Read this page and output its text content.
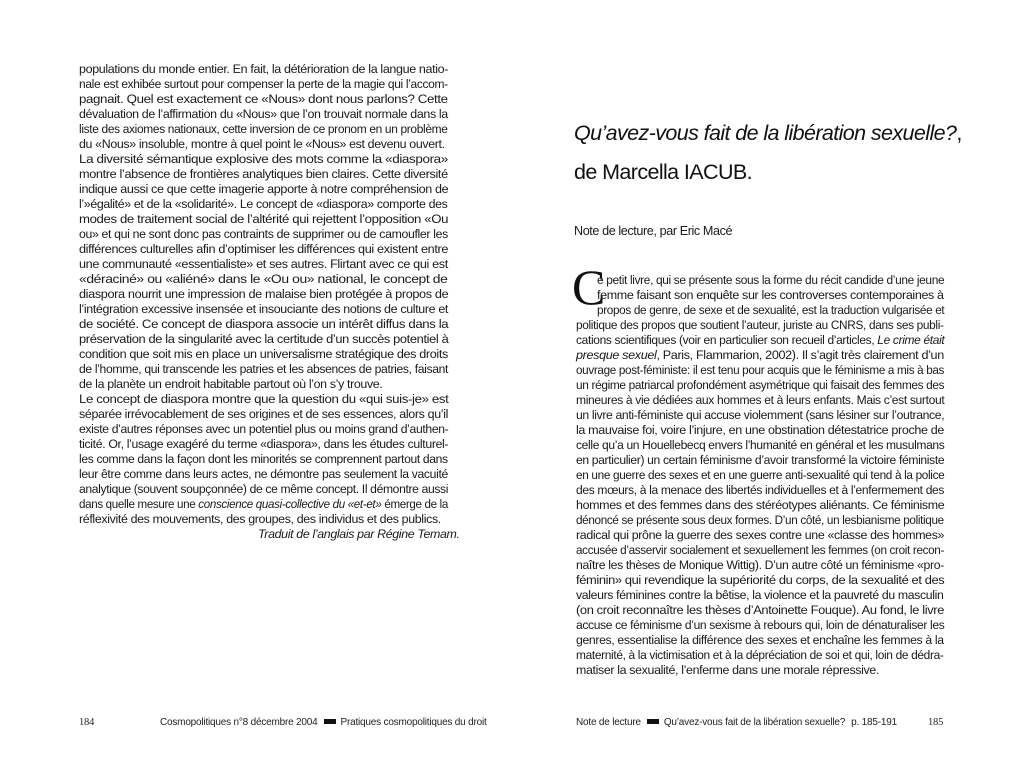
populations du monde entier. En fait, la détérioration de la langue natio-
nale est exhibée surtout pour compenser la perte de la magie qui l’accom-
pagnait. Quel est exactement ce «Nous» dont nous parlons? Cette
dévaluation de l’affirmation du «Nous» que l’on trouvait normale dans la
liste des axiomes nationaux, cette inversion de ce pronom en un problème
du «Nous» insoluble, montre à quel point le «Nous» est devenu ouvert.
La diversité sémantique explosive des mots comme la «diaspora»
montre l’absence de frontières analytiques bien claires. Cette diversité
indique aussi ce que cette imagerie apporte à notre compréhension de
l’»égalité» et de la «solidarité». Le concept de «diaspora» comporte des
modes de traitement social de l’altérité qui rejettent l’opposition «Ou
ou» et qui ne sont donc pas contraints de supprimer ou de camoufler les
différences culturelles afin d’optimiser les différences qui existent entre
une communauté «essentialiste» et ses autres. Flirtant avec ce qui est
«déraciné» ou «aliéné» dans le «Ou ou» national, le concept de
diaspora nourrit une impression de malaise bien protégée à propos de
l’intégration excessive insensée et insouciante des notions de culture et
de société. Ce concept de diaspora associe un intérêt diffus dans la
préservation de la singularité avec la certitude d’un succès potentiel à
condition que soit mis en place un universalisme stratégique des droits
de l’homme, qui transcende les patries et les absences de patries, faisant
de la planète un endroit habitable partout où l’on s’y trouve.
Le concept de diaspora montre que la question du «qui suis-je» est
séparée irrévocablement de ses origines et de ses essences, alors qu’il
existe d’autres réponses avec un potentiel plus ou moins grand d’authen-
ticité. Or, l’usage exagéré du terme «diaspora», dans les études culturel-
les comme dans la façon dont les minorités se comprennent partout dans
leur être comme dans leurs actes, ne démontre pas seulement la vacuité
analytique (souvent soupçonnée) de ce même concept. Il démontre aussi
dans quelle mesure une conscience quasi-collective du «et-et» émerge de la
réflexivité des mouvements, des groupes, des individus et des publics.
Traduit de l’anglais par Régine Temam.
184	Cosmopolitiques n°8 décembre 2004 Pratiques cosmopolitiques du droit
Qu’avez-vous fait de la libération sexuelle?,
de Marcella IACUB.
Note de lecture, par Eric Macé
C
e petit livre, qui se présente sous la forme du récit candide d’une jeune
femme faisant son enquête sur les controverses contemporaines à
propos de genre, de sexe et de sexualité, est la traduction vulgarisée et
politique des propos que soutient l’auteur, juriste au CNRS, dans ses publi-
cations scientifiques (voir en particulier son recueil d’articles, Le crime était
presque sexuel, Paris, Flammarion, 2002). Il s’agit très clairement d’un
ouvrage post-féministe: il est tenu pour acquis que le féminisme a mis à bas
un régime patriarcal profondément asymétrique qui faisait des femmes des
mineures à vie dédiées aux hommes et à leurs enfants. Mais c’est surtout
un livre anti-féministe qui accuse violemment (sans lésiner sur l’outrance,
la mauvaise foi, voire l’injure, en une obstination détestatrice proche de
celle qu’a un Houellebecq envers l’humanité en général et les musulmans
en particulier) un certain féminisme d’avoir transformé la victoire féministe
en une guerre des sexes et en une guerre anti-sexualité qui tend à la police
des mœurs, à la menace des libertés individuelles et à l’enfermement des
hommes et des femmes dans des stéréotypes aliénants. Ce féminisme
dénoncé se présente sous deux formes. D’un côté, un lesbianisme politique
radical qui prône la guerre des sexes contre une «classe des hommes»
accusée d’asservir socialement et sexuellement les femmes (on croit recon-
naître les thèses de Monique Wittig). D’un autre côté un féminisme «pro-
féminin» qui revendique la supériorité du corps, de la sexualité et des
valeurs féminines contre la bêtise, la violence et la pauvreté du masculin
(on croit reconnaître les thèses d’Antoinette Fouque). Au fond, le livre
accuse ce féminisme d’un sexisme à rebours qui, loin de dénaturaliser les
genres, essentialise la différence des sexes et enchaîne les femmes à la
maternité, à la victimisation et à la dépréciation de soi et qui, loin de dédra-
matiser la sexualité, l’enferme dans une morale répressive.
Note de lecture Qu’avez-vous fait de la libération sexuelle? p. 185-191	185
